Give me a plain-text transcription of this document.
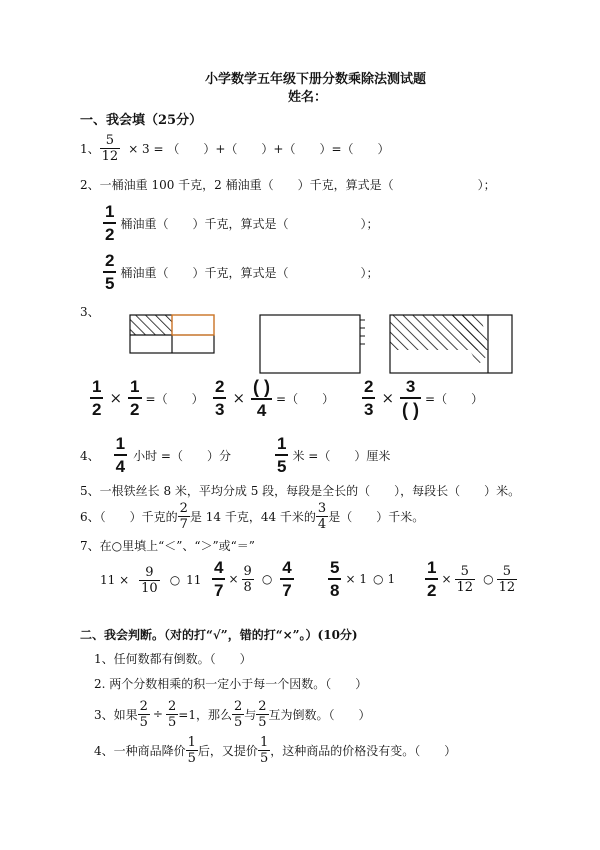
小学数学五年级下册分数乘除法测试题
姓名：
一、我会填（25分）
1、 $\frac{5}{12} \times 3$ = （　　）+（　　）+（　　）=（　　）
2、一桶油重 100 千克，2 桶油重（　　）千克，算式是（　　　　　　　）；
$\frac{1}{2}$ 桶油重（　　）千克，算式是（　　　　　　）；
$\frac{2}{5}$ 桶油重（　　）千克，算式是（　　　　　　）；
3、
$\frac{1}{2} \times \frac{1}{2}$ =（　　） $\frac{2}{3} \times \frac{( )}{4}$ =（　　） $\frac{2}{3} \times \frac{3}{( )}$ =（　　）
4、 $\frac{1}{4}$ 小时 =（　　）分	$\frac{1}{5}$ 米 =（　　）厘米
5、一根铁丝长 8 米，平均分成 5 段，每段是全长的（　　），每段长（　　）米。
6、（　　）千克的 $\frac{2}{7}$ 是 14 千克，44 千米的 $\frac{3}{4}$ 是（　　）千米。
7、在○里填上“＜”、“＞”或“＝”
$11 \times \frac{9}{10}$ ○ $11 \frac{4}{7} \times \frac{9}{8}$ ○ $\frac{4}{7} \frac{5}{8} \times 1$ ○ $1 \frac{1}{2} \times \frac{5}{12}$ ○ $\frac{5}{12}$
二、我会判断。（对的打“√”，错的打“×”。）(10分)
1、任何数都有倒数。（　　）
2. 两个分数相乘的积一定小于每一个因数。（　　）
3、如果 $\frac{2}{5} \div \frac{2}{5} =1$，那么 $\frac{2}{5}$ 与 $\frac{2}{5}$ 互为倒数。（　　）
4、一种商品降价 $\frac{1}{5}$ 后，又提价 $\frac{1}{5}$ ，这种商品的价格没有变。（　　）
